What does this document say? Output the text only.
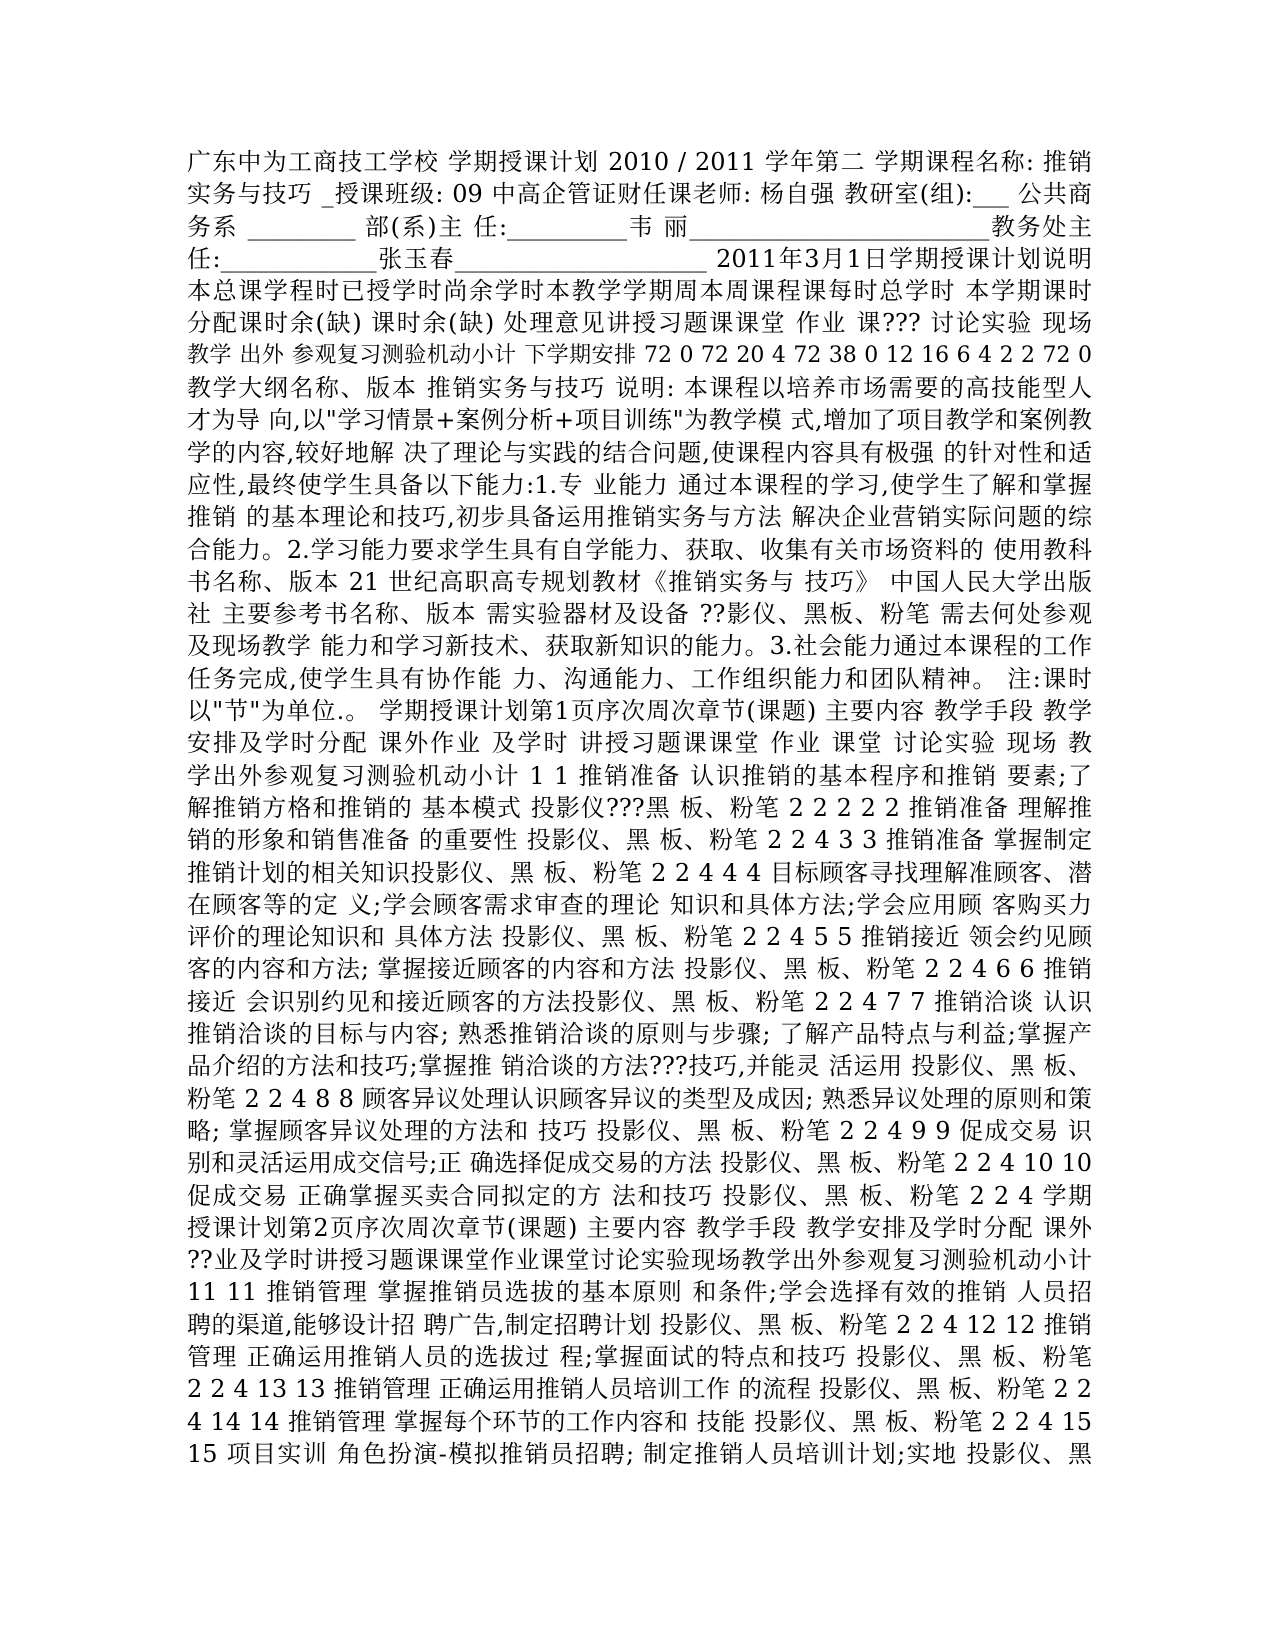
广东中为工商技工学校 学期授课计划 2010 / 2011 学年第二 学期课程名称: 推销
实务与技巧 _授课班级: 09 中高企管证财任课老师: 杨自强 教研室(组):___ 公共商
务系 _________ 部(系)主 任:__________韦 丽_________________________教务处主
任:_____________张玉春_____________________ 2011年3月1日学期授课计划说明
本总课学程时已授学时尚余学时本教学学期周本周课程课每时总学时 本学期课时
分配课时余(缺) 课时余(缺) 处理意见讲授习题课课堂 作业 课??? 讨论实验 现场
教学 出外 参观复习测验机动小计 下学期安排 72 0 72 20 4 72 38 0 12 16 6 4 2 2 72 0
教学大纲名称、版本 推销实务与技巧 说明: 本课程以培养市场需要的高技能型人
才为导 向,以"学习情景+案例分析+项目训练"为教学模 式,增加了项目教学和案例教
学的内容,较好地解 决了理论与实践的结合问题,使课程内容具有极强 的针对性和适
应性,最终使学生具备以下能力:1.专 业能力 通过本课程的学习,使学生了解和掌握
推销 的基本理论和技巧,初步具备运用推销实务与方法 解决企业营销实际问题的综
合能力。2.学习能力要求学生具有自学能力、获取、收集有关市场资料的 使用教科
书名称、版本 21 世纪高职高专规划教材《推销实务与 技巧》 中国人民大学出版
社 主要参考书名称、版本 需实验器材及设备 ??影仪、黑板、粉笔 需去何处参观
及现场教学 能力和学习新技术、获取新知识的能力。3.社会能力通过本课程的工作
任务完成,使学生具有协作能 力、沟通能力、工作组织能力和团队精神。 注:课时
以"节"为单位.。 学期授课计划第1页序次周次章节(课题) 主要内容 教学手段 教学
安排及学时分配 课外作业 及学时 讲授习题课课堂 作业 课堂 讨论实验 现场 教
学出外参观复习测验机动小计 1 1 推销准备 认识推销的基本程序和推销 要素;了
解推销方格和推销的 基本模式 投影仪???黑 板、粉笔 2 2 2 2 2 推销准备 理解推
销的形象和销售准备 的重要性 投影仪、黑 板、粉笔 2 2 4 3 3 推销准备 掌握制定
推销计划的相关知识投影仪、黑 板、粉笔 2 2 4 4 4 目标顾客寻找理解准顾客、潜
在顾客等的定 义;学会顾客需求审查的理论 知识和具体方法;学会应用顾 客购买力
评价的理论知识和 具体方法 投影仪、黑 板、粉笔 2 2 4 5 5 推销接近 领会约见顾
客的内容和方法; 掌握接近顾客的内容和方法 投影仪、黑 板、粉笔 2 2 4 6 6 推销
接近 会识别约见和接近顾客的方法投影仪、黑 板、粉笔 2 2 4 7 7 推销洽谈 认识
推销洽谈的目标与内容; 熟悉推销洽谈的原则与步骤; 了解产品特点与利益;掌握产
品介绍的方法和技巧;掌握推 销洽谈的方法???技巧,并能灵 活运用 投影仪、黑 板、
粉笔 2 2 4 8 8 顾客异议处理认识顾客异议的类型及成因; 熟悉异议处理的原则和策
略; 掌握顾客异议处理的方法和 技巧 投影仪、黑 板、粉笔 2 2 4 9 9 促成交易 识
别和灵活运用成交信号;正 确选择促成交易的方法 投影仪、黑 板、粉笔 2 2 4 10 10
促成交易 正确掌握买卖合同拟定的方 法和技巧 投影仪、黑 板、粉笔 2 2 4 学期
授课计划第2页序次周次章节(课题) 主要内容 教学手段 教学安排及学时分配 课外
??业及学时讲授习题课课堂作业课堂讨论实验现场教学出外参观复习测验机动小计
11 11 推销管理 掌握推销员选拔的基本原则 和条件;学会选择有效的推销 人员招
聘的渠道,能够设计招 聘广告,制定招聘计划 投影仪、黑 板、粉笔 2 2 4 12 12 推销
管理 正确运用推销人员的选拔过 程;掌握面试的特点和技巧 投影仪、黑 板、粉笔
2 2 4 13 13 推销管理 正确运用推销人员培训工作 的流程 投影仪、黑 板、粉笔 2 2
4 14 14 推销管理 掌握每个环节的工作内容和 技能 投影仪、黑 板、粉笔 2 2 4 15
15 项目实训 角色扮演-模拟推销员招聘; 制定推销人员培训计划;实地 投影仪、黑
